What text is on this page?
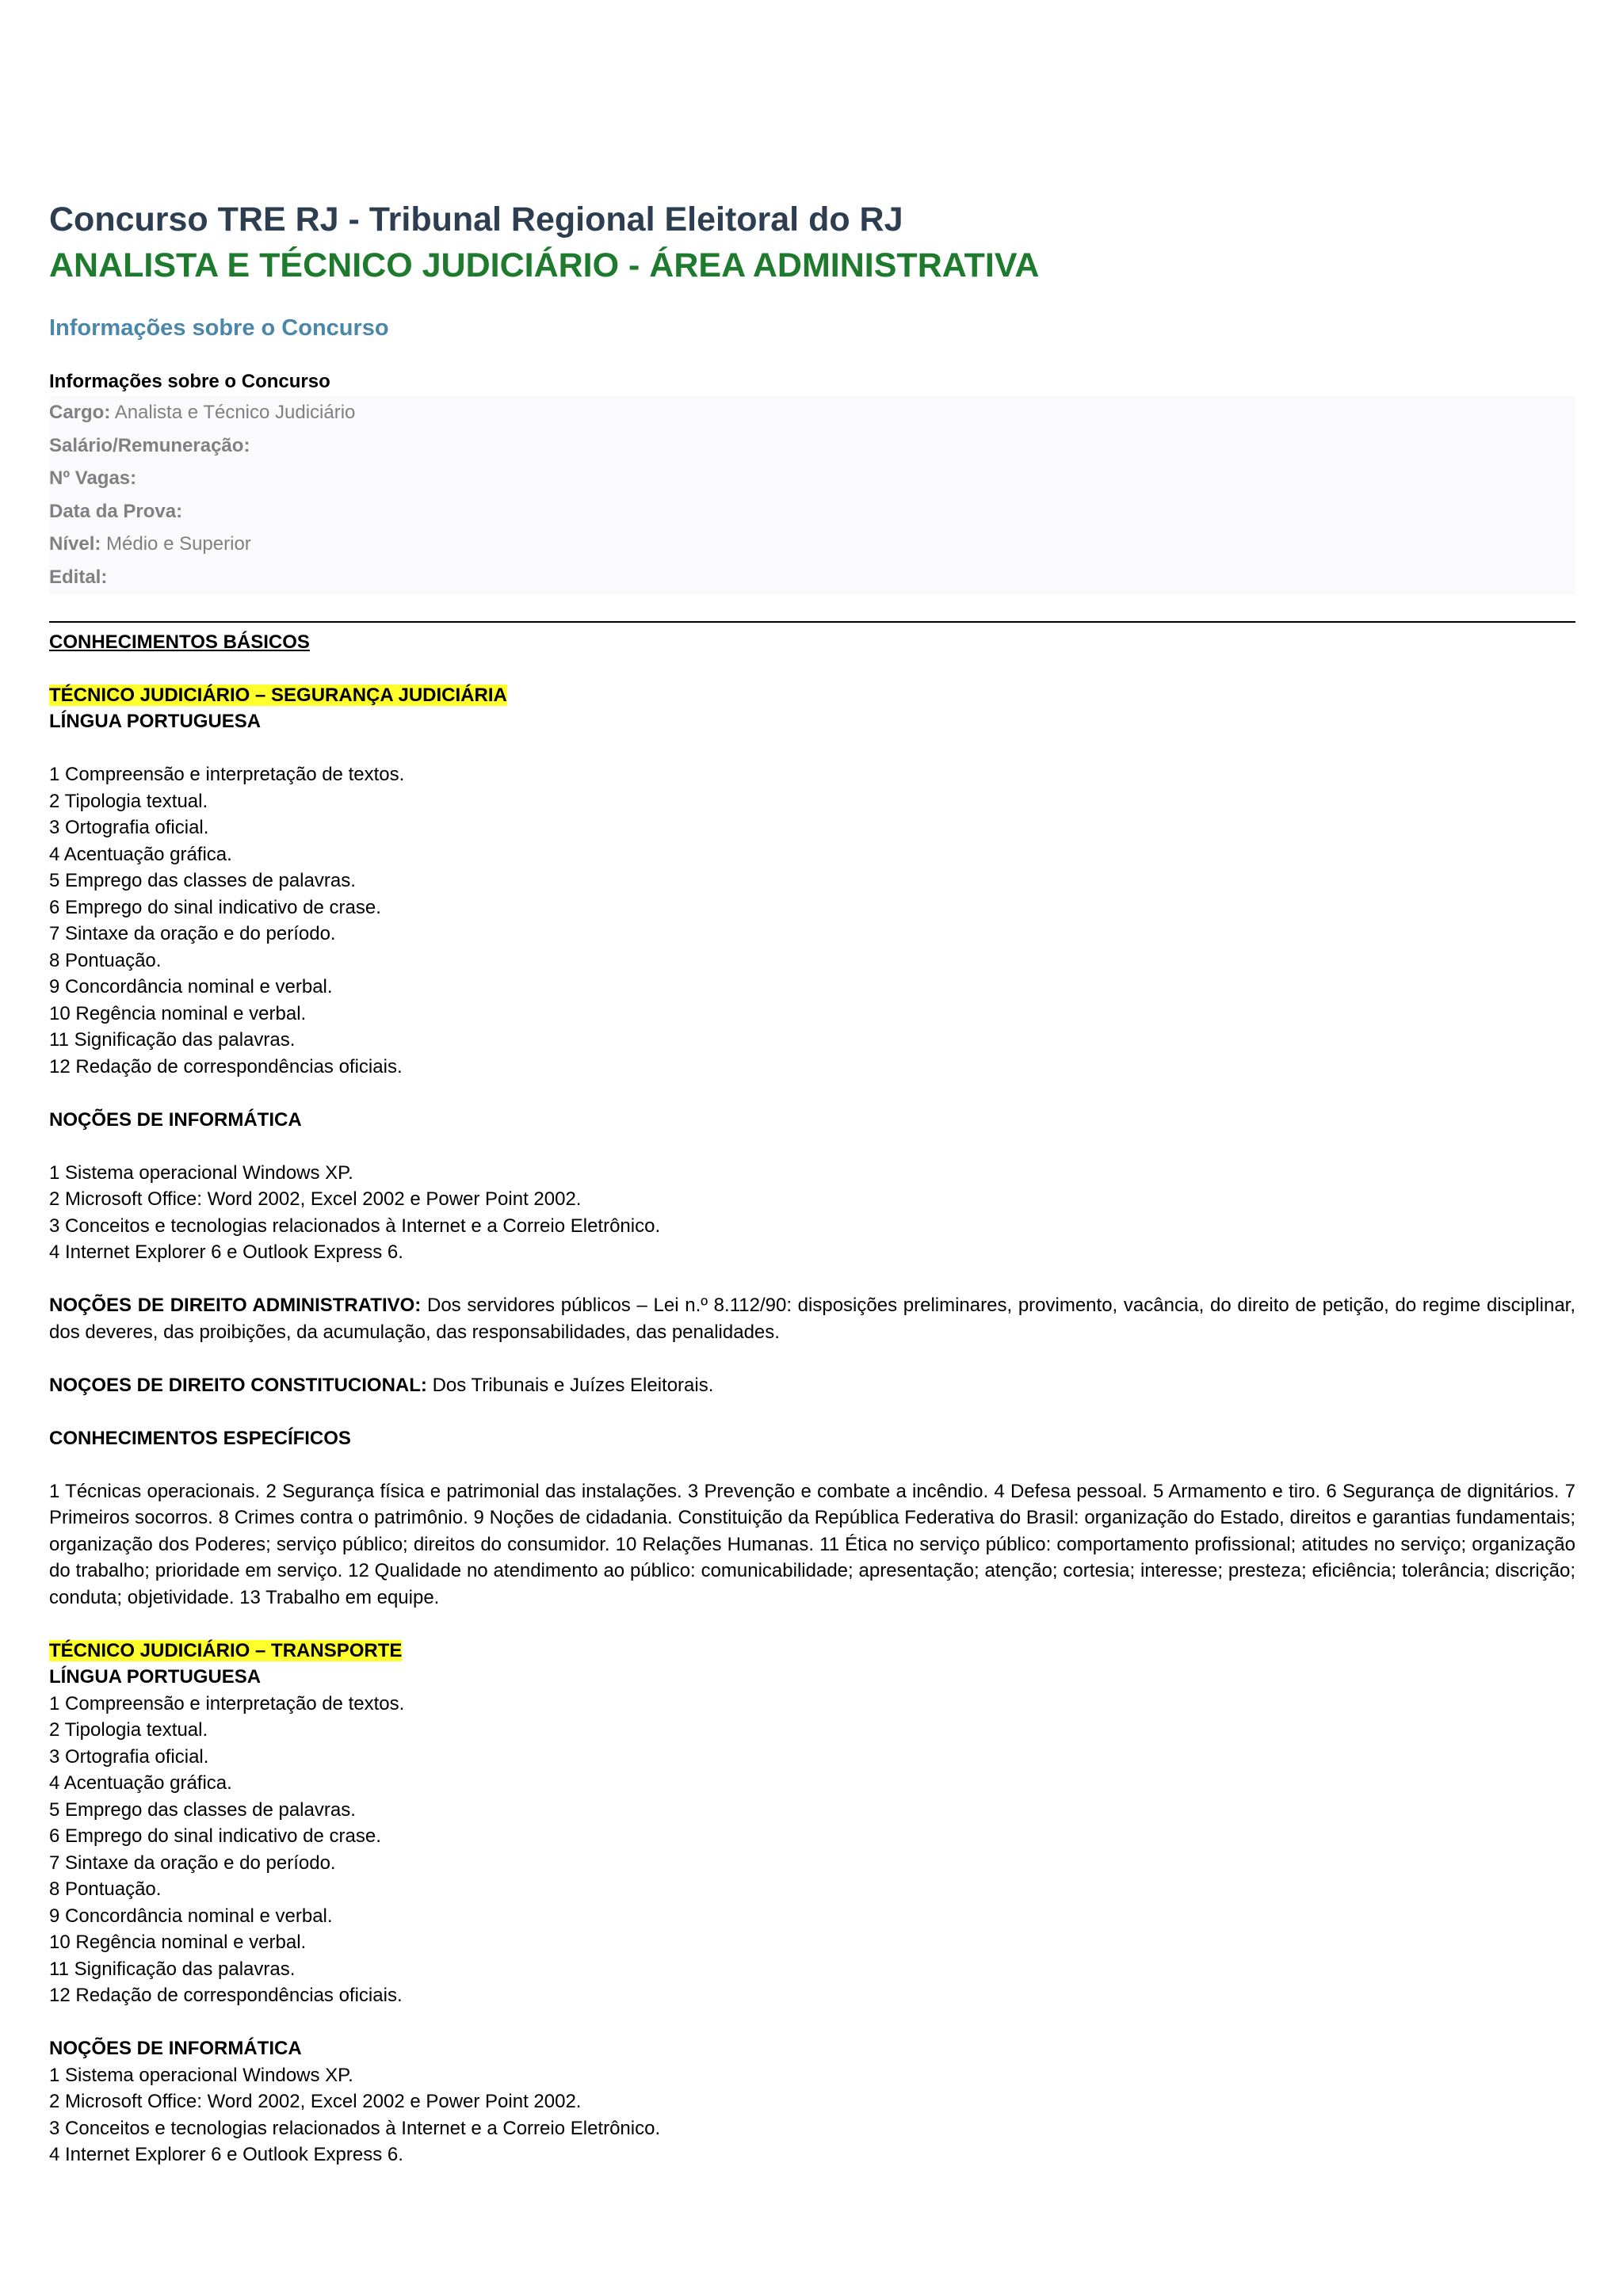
Concurso TRE RJ - Tribunal Regional Eleitoral do RJ
ANALISTA E TÉCNICO JUDICIÁRIO - ÁREA ADMINISTRATIVA
Informações sobre o Concurso
Informações sobre o Concurso
Cargo: Analista e Técnico Judiciário
Salário/Remuneração:
Nº Vagas:
Data da Prova:
Nível: Médio e Superior
Edital:
CONHECIMENTOS BÁSICOS
TÉCNICO JUDICIÁRIO – SEGURANÇA JUDICIÁRIA
LÍNGUA PORTUGUESA
1 Compreensão e interpretação de textos.
2 Tipologia textual.
3 Ortografia oficial.
4 Acentuação gráfica.
5 Emprego das classes de palavras.
6 Emprego do sinal indicativo de crase.
7 Sintaxe da oração e do período.
8 Pontuação.
9 Concordância nominal e verbal.
10 Regência nominal e verbal.
11 Significação das palavras.
12 Redação de correspondências oficiais.
NOÇÕES DE INFORMÁTICA
1 Sistema operacional Windows XP.
2 Microsoft Office: Word 2002, Excel 2002 e Power Point 2002.
3 Conceitos e tecnologias relacionados à Internet e a Correio Eletrônico.
4 Internet Explorer 6 e Outlook Express 6.
NOÇÕES DE DIREITO ADMINISTRATIVO: Dos servidores públicos – Lei n.º 8.112/90: disposições preliminares, provimento, vacância, do direito de petição, do regime disciplinar, dos deveres, das proibições, da acumulação, das responsabilidades, das penalidades.
NOÇOES DE DIREITO CONSTITUCIONAL: Dos Tribunais e Juízes Eleitorais.
CONHECIMENTOS ESPECÍFICOS
1 Técnicas operacionais. 2 Segurança física e patrimonial das instalações. 3 Prevenção e combate a incêndio. 4 Defesa pessoal. 5 Armamento e tiro. 6 Segurança de dignitários. 7 Primeiros socorros. 8 Crimes contra o patrimônio. 9 Noções de cidadania. Constituição da República Federativa do Brasil: organização do Estado, direitos e garantias fundamentais; organização dos Poderes; serviço público; direitos do consumidor. 10 Relações Humanas. 11 Ética no serviço público: comportamento profissional; atitudes no serviço; organização do trabalho; prioridade em serviço. 12 Qualidade no atendimento ao público: comunicabilidade; apresentação; atenção; cortesia; interesse; presteza; eficiência; tolerância; discrição; conduta; objetividade. 13 Trabalho em equipe.
TÉCNICO JUDICIÁRIO – TRANSPORTE
LÍNGUA PORTUGUESA
1 Compreensão e interpretação de textos.
2 Tipologia textual.
3 Ortografia oficial.
4 Acentuação gráfica.
5 Emprego das classes de palavras.
6 Emprego do sinal indicativo de crase.
7 Sintaxe da oração e do período.
8 Pontuação.
9 Concordância nominal e verbal.
10 Regência nominal e verbal.
11 Significação das palavras.
12 Redação de correspondências oficiais.
NOÇÕES DE INFORMÁTICA
1 Sistema operacional Windows XP.
2 Microsoft Office: Word 2002, Excel 2002 e Power Point 2002.
3 Conceitos e tecnologias relacionados à Internet e a Correio Eletrônico.
4 Internet Explorer 6 e Outlook Express 6.
